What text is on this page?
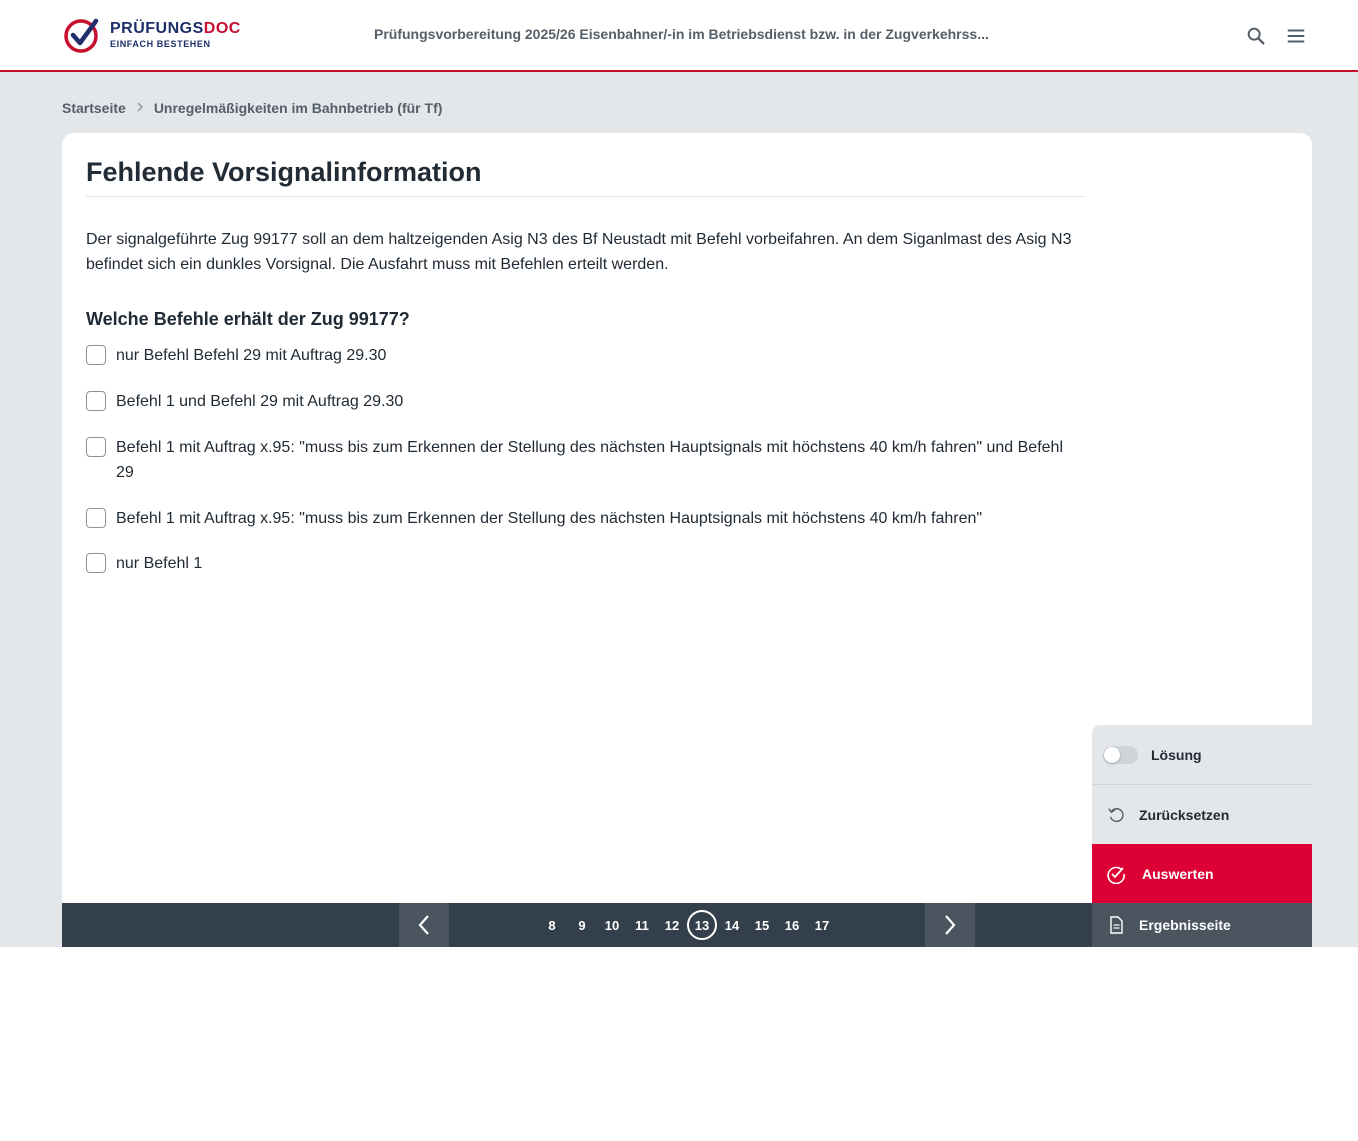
PRÜFUNGSDOC
EINFACH BESTEHEN
Prüfungsvorbereitung 2025/26 Eisenbahner/-in im Betriebsdienst bzw. in der Zugverkehrss...
Startseite Unregelmäßigkeiten im Bahnbetrieb (für Tf)
Fehlende Vorsignalinformation

Der signalgeführte Zug 99177 soll an dem haltzeigenden Asig N3 des Bf Neustadt mit Befehl vorbeifahren. An dem Siganlmast des Asig N3 befindet sich ein dunkles Vorsignal. Die Ausfahrt muss mit Befehlen erteilt werden.

Welche Befehle erhält der Zug 99177?
nur Befehl Befehl 29 mit Auftrag 29.30
Befehl 1 und Befehl 29 mit Auftrag 29.30
Befehl 1 mit Auftrag x.95: "muss bis zum Erkennen der Stellung des nächsten Hauptsignals mit höchstens 40 km/h fahren" und Befehl 29
Befehl 1 mit Auftrag x.95: "muss bis zum Erkennen der Stellung des nächsten Hauptsignals mit höchstens 40 km/h fahren"
nur Befehl 1
8	9	10	11	12	13	14	15	16	17
Lösung
Zurücksetzen
Auswerten
Ergebnisseite
